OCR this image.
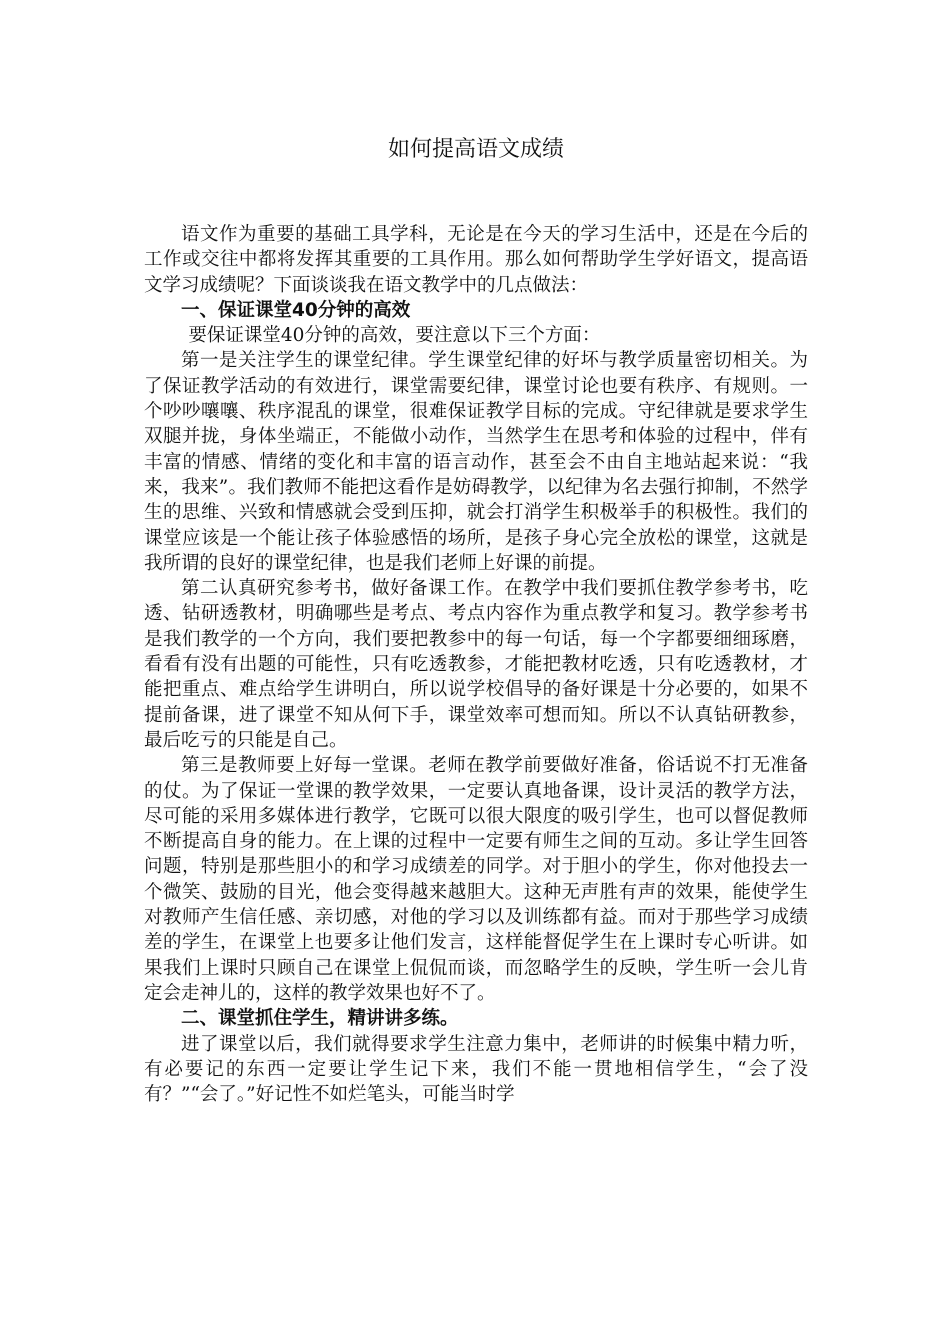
如何提高语文成绩

语文作为重要的基础工具学科，无论是在今天的学习生活中，还是在今后的工作或交往中都将发挥其重要的工具作用。那么如何帮助学生学好语文，提高语文学习成绩呢？下面谈谈我在语文教学中的几点做法：

一、保证课堂40分钟的高效

要保证课堂40分钟的高效，要注意以下三个方面：

第一是关注学生的课堂纪律。学生课堂纪律的好坏与教学质量密切相关。为了保证教学活动的有效进行，课堂需要纪律，课堂讨论也要有秩序、有规则。一个吵吵嚷嚷、秩序混乱的课堂，很难保证教学目标的完成。守纪律就是要求学生双腿并拢，身体坐端正，不能做小动作，当然学生在思考和体验的过程中，伴有丰富的情感、情绪的变化和丰富的语言动作，甚至会不由自主地站起来说：“我来，我来”。我们教师不能把这看作是妨碍教学，以纪律为名去强行抑制，不然学生的思维、兴致和情感就会受到压抑，就会打消学生积极举手的积极性。我们的课堂应该是一个能让孩子体验感悟的场所，是孩子身心完全放松的课堂，这就是我所谓的良好的课堂纪律，也是我们老师上好课的前提。

第二认真研究参考书，做好备课工作。在教学中我们要抓住教学参考书，吃透、钻研透教材，明确哪些是考点、考点内容作为重点教学和复习。教学参考书是我们教学的一个方向，我们要把教参中的每一句话，每一个字都要细细琢磨，看看有没有出题的可能性，只有吃透教参，才能把教材吃透，只有吃透教材，才能把重点、难点给学生讲明白，所以说学校倡导的备好课是十分必要的，如果不提前备课，进了课堂不知从何下手，课堂效率可想而知。所以不认真钻研教参，最后吃亏的只能是自己。

第三是教师要上好每一堂课。老师在教学前要做好准备，俗话说不打无准备的仗。为了保证一堂课的教学效果，一定要认真地备课，设计灵活的教学方法，尽可能的采用多媒体进行教学，它既可以很大限度的吸引学生，也可以督促教师不断提高自身的能力。在上课的过程中一定要有师生之间的互动。多让学生回答问题，特别是那些胆小的和学习成绩差的同学。对于胆小的学生，你对他投去一个微笑、鼓励的目光，他会变得越来越胆大。这种无声胜有声的效果，能使学生对教师产生信任感、亲切感，对他的学习以及训练都有益。而对于那些学习成绩差的学生，在课堂上也要多让他们发言，这样能督促学生在上课时专心听讲。如果我们上课时只顾自己在课堂上侃侃而谈，而忽略学生的反映，学生听一会儿肯定会走神儿的，这样的教学效果也好不了。

二、课堂抓住学生，精讲讲多练。

进了课堂以后，我们就得要求学生注意力集中，老师讲的时候集中精力听，有必要记的东西一定要让学生记下来，我们不能一贯地相信学生，“会了没有？”“会了。”好记性不如烂笔头，可能当时学
